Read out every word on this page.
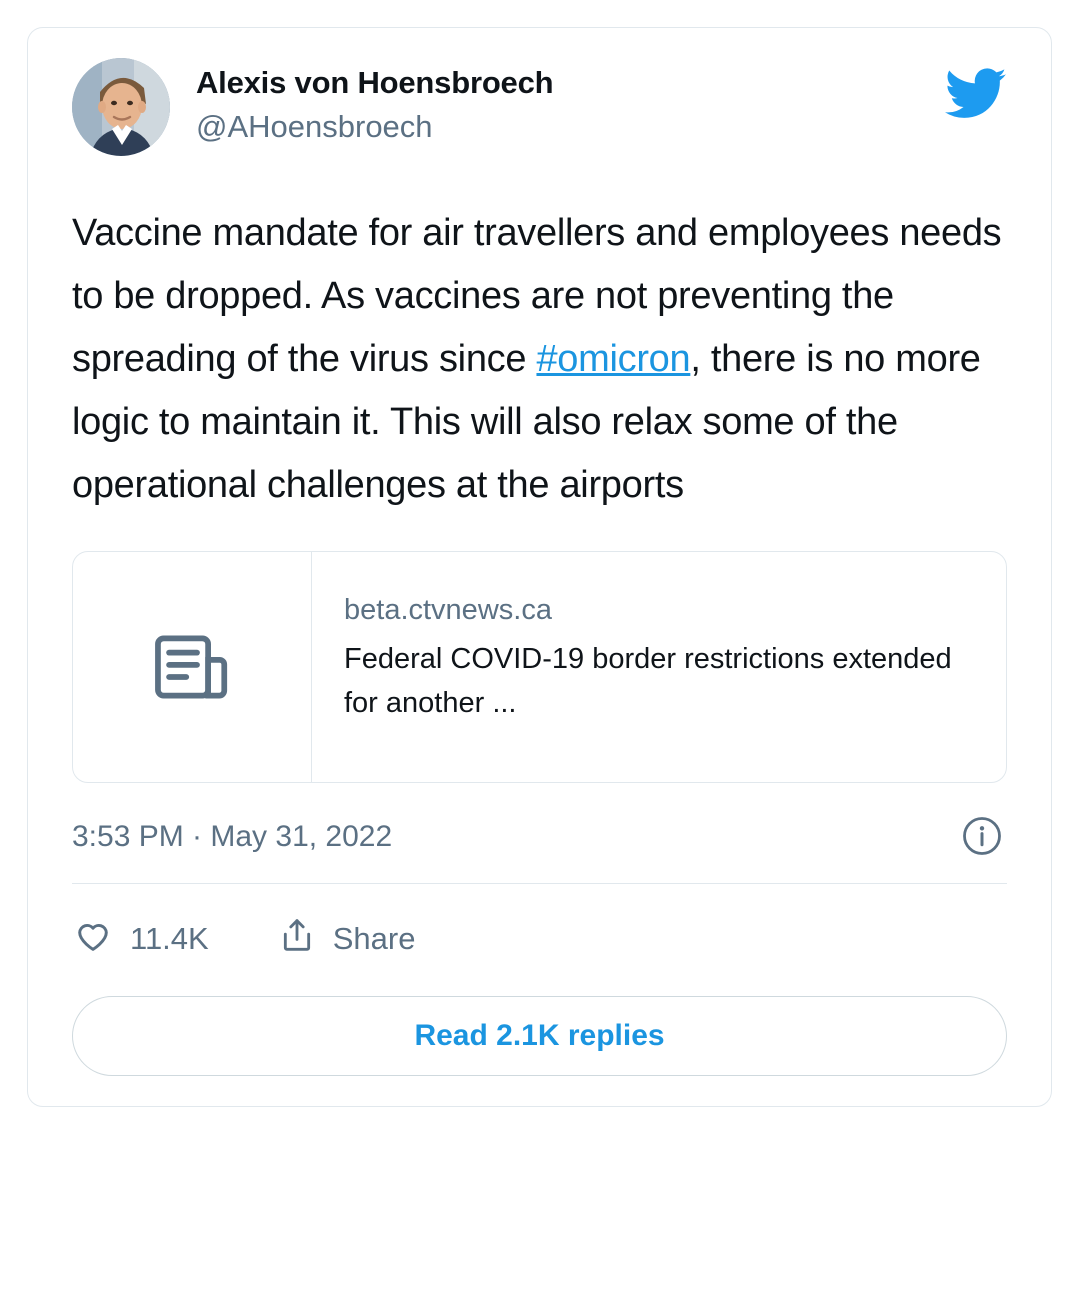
Alexis von Hoensbroech
@AHoensbroech
Vaccine mandate for air travellers and employees needs to be dropped. As vaccines are not preventing the spreading of the virus since #omicron, there is no more logic to maintain it. This will also relax some of the operational challenges at the airports
beta.ctvnews.ca
Federal COVID-19 border restrictions extended for another ...
3:53 PM · May 31, 2022
11.4K	Share
Read 2.1K replies
